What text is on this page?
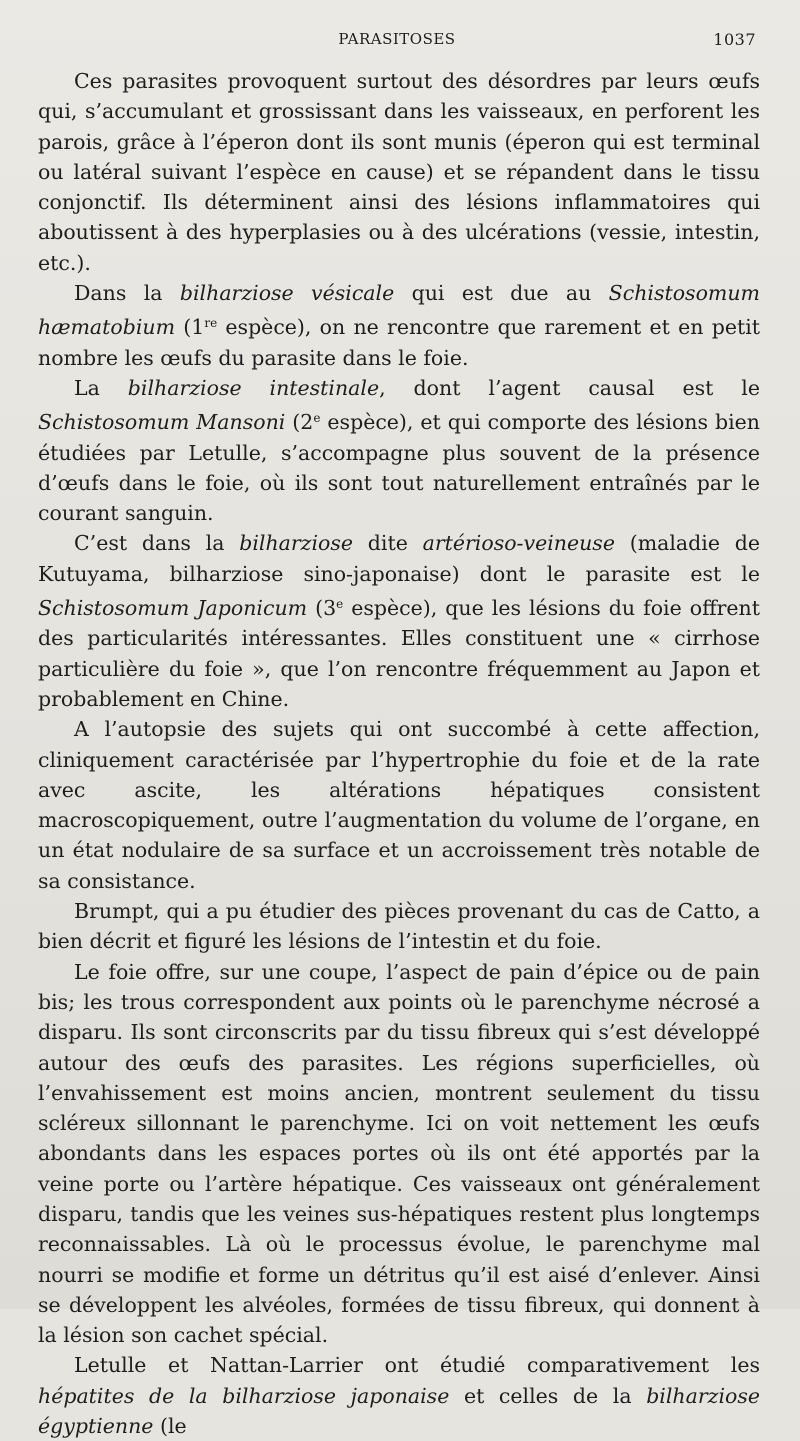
PARASITOSES	1037

Ces parasites provoquent surtout des désordres par leurs œufs qui, s’accumulant et grossissant dans les vaisseaux, en perforent les parois, grâce à l’éperon dont ils sont munis (éperon qui est terminal ou latéral suivant l’espèce en cause) et se répandent dans le tissu conjonctif. Ils déterminent ainsi des lésions inflammatoires qui aboutissent à des hyperplasies ou à des ulcérations (vessie, intestin, etc.).

Dans la bilharziose vésicale qui est due au Schistosomum hæmatobium (1re espèce), on ne rencontre que rarement et en petit nombre les œufs du parasite dans le foie.

La bilharziose intestinale, dont l’agent causal est le Schistosomum Mansoni (2e espèce), et qui comporte des lésions bien étudiées par Letulle, s’accompagne plus souvent de la présence d’œufs dans le foie, où ils sont tout naturellement entraînés par le courant sanguin.

C’est dans la bilharziose dite artérioso-veineuse (maladie de Kutuyama, bilharziose sino-japonaise) dont le parasite est le Schistosomum Japonicum (3e espèce), que les lésions du foie offrent des particularités intéressantes. Elles constituent une « cirrhose particulière du foie », que l’on rencontre fréquemment au Japon et probablement en Chine.

A l’autopsie des sujets qui ont succombé à cette affection, cliniquement caractérisée par l’hypertrophie du foie et de la rate avec ascite, les altérations hépatiques consistent macroscopiquement, outre l’augmentation du volume de l’organe, en un état nodulaire de sa surface et un accroissement très notable de sa consistance.

Brumpt, qui a pu étudier des pièces provenant du cas de Catto, a bien décrit et figuré les lésions de l’intestin et du foie.

Le foie offre, sur une coupe, l’aspect de pain d’épice ou de pain bis; les trous correspondent aux points où le parenchyme nécrosé a disparu. Ils sont circonscrits par du tissu fibreux qui s’est développé autour des œufs des parasites. Les régions superficielles, où l’envahissement est moins ancien, montrent seulement du tissu scléreux sillonnant le parenchyme. Ici on voit nettement les œufs abondants dans les espaces portes où ils ont été apportés par la veine porte ou l’artère hépatique. Ces vaisseaux ont généralement disparu, tandis que les veines sus-hépatiques restent plus longtemps reconnaissables. Là où le processus évolue, le parenchyme mal nourri se modifie et forme un détritus qu’il est aisé d’enlever. Ainsi se développent les alvéoles, formées de tissu fibreux, qui donnent à la lésion son cachet spécial.

Letulle et Nattan-Larrier ont étudié comparativement les hépatites de la bilharziose japonaise et celles de la bilharziose égyptienne (le
